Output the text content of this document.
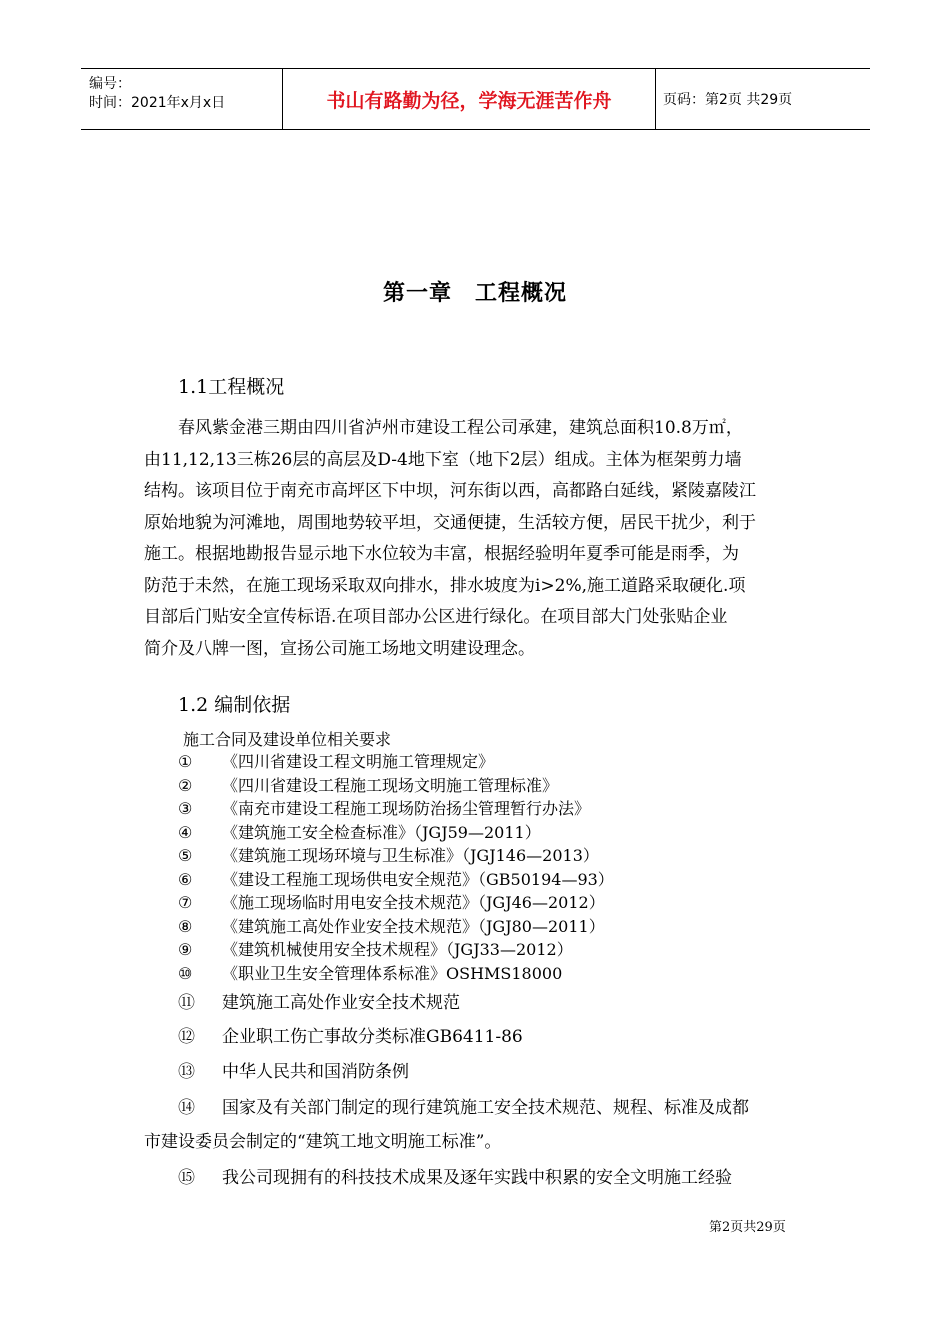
编号：
时间：2021年x月x日	书山有路勤为径，学海无涯苦作舟	页码：第2页 共29页
第一章　工程概况
1.1工程概况
春风紫金港三期由四川省泸州市建设工程公司承建，建筑总面积10.8万㎡，
由11,12,13三栋26层的高层及D-4地下室（地下2层）组成。主体为框架剪力墙
结构。该项目位于南充市高坪区下中坝，河东街以西，高都路白延线，紧陵嘉陵江
原始地貌为河滩地，周围地势较平坦，交通便捷，生活较方便，居民干扰少，利于
施工。根据地勘报告显示地下水位较为丰富，根据经验明年夏季可能是雨季，为
防范于未然，在施工现场采取双向排水，排水坡度为i>2%,施工道路采取硬化.项
目部后门贴安全宣传标语.在项目部办公区进行绿化。在项目部大门处张贴企业
简介及八牌一图，宣扬公司施工场地文明建设理念。
1.2 编制依据
施工合同及建设单位相关要求
① 《四川省建设工程文明施工管理规定》
② 《四川省建设工程施工现场文明施工管理标准》
③ 《南充市建设工程施工现场防治扬尘管理暂行办法》
④ 《建筑施工安全检查标准》（JGJ59—2011）
⑤ 《建筑施工现场环境与卫生标准》（JGJ146—2013）
⑥ 《建设工程施工现场供电安全规范》（GB50194—93）
⑦ 《施工现场临时用电安全技术规范》（JGJ46—2012）
⑧ 《建筑施工高处作业安全技术规范》（JGJ80—2011）
⑨ 《建筑机械使用安全技术规程》（JGJ33—2012）
⑩ 《职业卫生安全管理体系标准》OSHMS18000
⑪ 建筑施工高处作业安全技术规范
⑫ 企业职工伤亡事故分类标准GB6411-86
⑬ 中华人民共和国消防条例
⑭ 国家及有关部门制定的现行建筑施工安全技术规范、规程、标准及成都
市建设委员会制定的“建筑工地文明施工标准”。
⑮ 我公司现拥有的科技技术成果及逐年实践中积累的安全文明施工经验
第2页共29页
